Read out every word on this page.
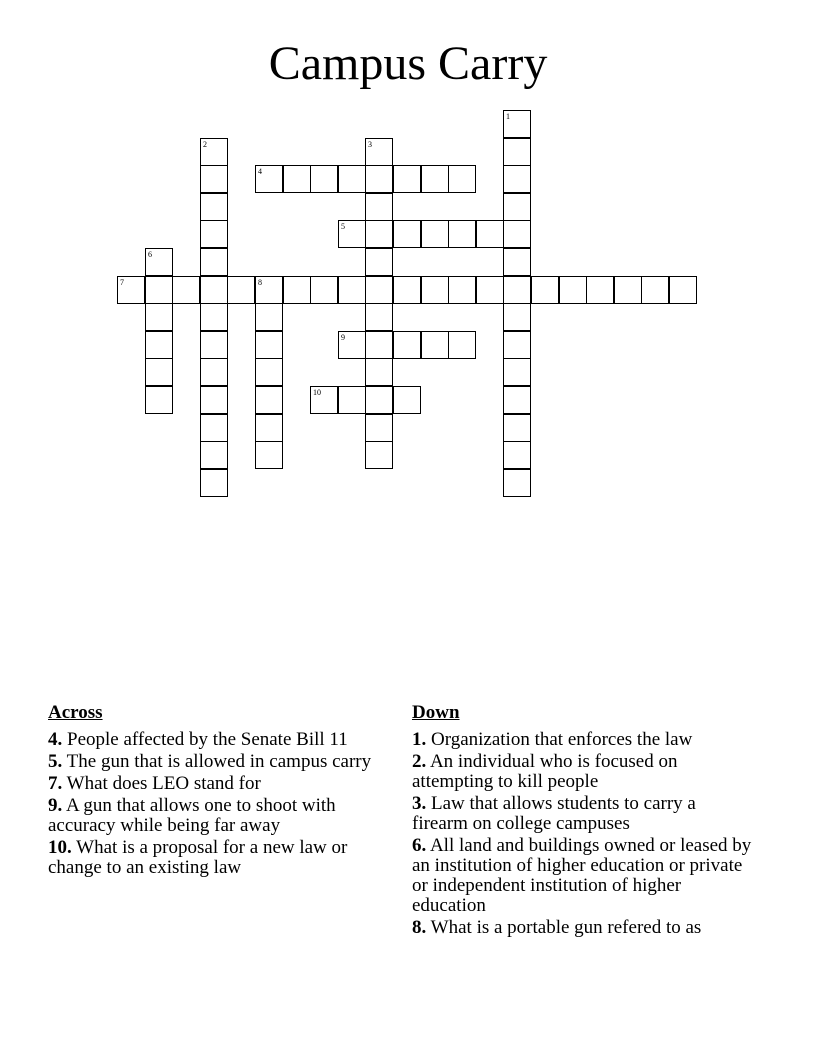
Campus Carry
1
2	3
4
5
6
7	8
9
10
Across
4. People affected by the Senate Bill 11
5. The gun that is allowed in campus carry
7. What does LEO stand for
9. A gun that allows one to shoot with accuracy while being far away
10. What is a proposal for a new law or change to an existing law
Down
1. Organization that enforces the law
2. An individual who is focused on attempting to kill people
3. Law that allows students to carry a firearm on college campuses
6. All land and buildings owned or leased by an institution of higher education or private or independent institution of higher education
8. What is a portable gun refered to as
